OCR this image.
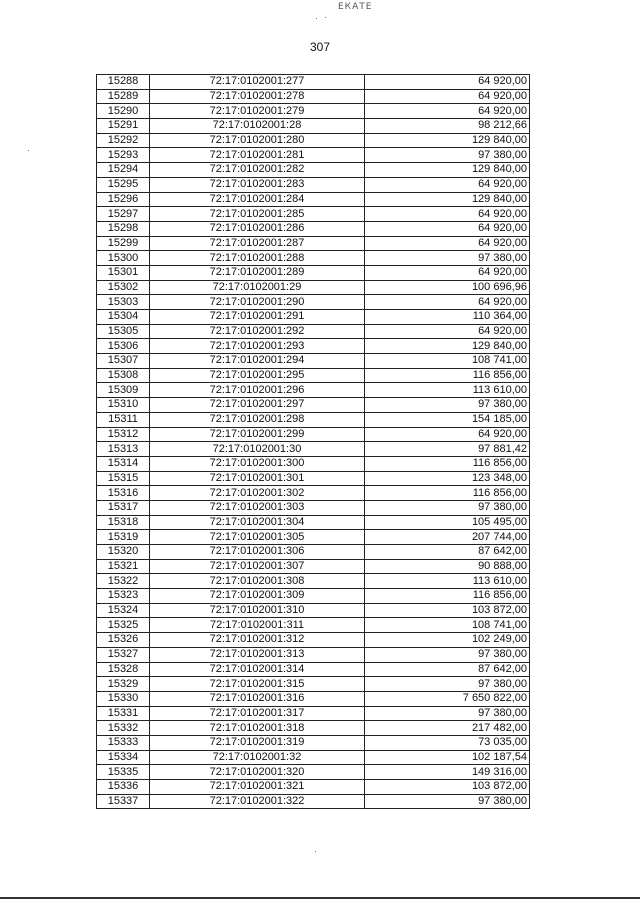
ЕКАТЕ
307
15288	72:17:0102001:277	64 920,00
15289	72:17:0102001:278	64 920,00
15290	72:17:0102001:279	64 920,00
15291	72:17:0102001:28	98 212,66
15292	72:17:0102001:280	129 840,00
15293	72:17:0102001:281	97 380,00
15294	72:17:0102001:282	129 840,00
15295	72:17:0102001:283	64 920,00
15296	72:17:0102001:284	129 840,00
15297	72:17:0102001:285	64 920,00
15298	72:17:0102001:286	64 920,00
15299	72:17:0102001:287	64 920,00
15300	72:17:0102001:288	97 380,00
15301	72:17:0102001:289	64 920,00
15302	72:17:0102001:29	100 696,96
15303	72:17:0102001:290	64 920,00
15304	72:17:0102001:291	110 364,00
15305	72:17:0102001:292	64 920,00
15306	72:17:0102001:293	129 840,00
15307	72:17:0102001:294	108 741,00
15308	72:17:0102001:295	116 856,00
15309	72:17:0102001:296	113 610,00
15310	72:17:0102001:297	97 380,00
15311	72:17:0102001:298	154 185,00
15312	72:17:0102001:299	64 920,00
15313	72:17:0102001:30	97 881,42
15314	72:17:0102001:300	116 856,00
15315	72:17:0102001:301	123 348,00
15316	72:17:0102001:302	116 856,00
15317	72:17:0102001:303	97 380,00
15318	72:17:0102001:304	105 495,00
15319	72:17:0102001:305	207 744,00
15320	72:17:0102001:306	87 642,00
15321	72:17:0102001:307	90 888,00
15322	72:17:0102001:308	113 610,00
15323	72:17:0102001:309	116 856,00
15324	72:17:0102001:310	103 872,00
15325	72:17:0102001:311	108 741,00
15326	72:17:0102001:312	102 249,00
15327	72:17:0102001:313	97 380,00
15328	72:17:0102001:314	87 642,00
15329	72:17:0102001:315	97 380,00
15330	72:17:0102001:316	7 650 822,00
15331	72:17:0102001:317	97 380,00
15332	72:17:0102001:318	217 482,00
15333	72:17:0102001:319	73 035,00
15334	72:17:0102001:32	102 187,54
15335	72:17:0102001:320	149 316,00
15336	72:17:0102001:321	103 872,00
15337	72:17:0102001:322	97 380,00
